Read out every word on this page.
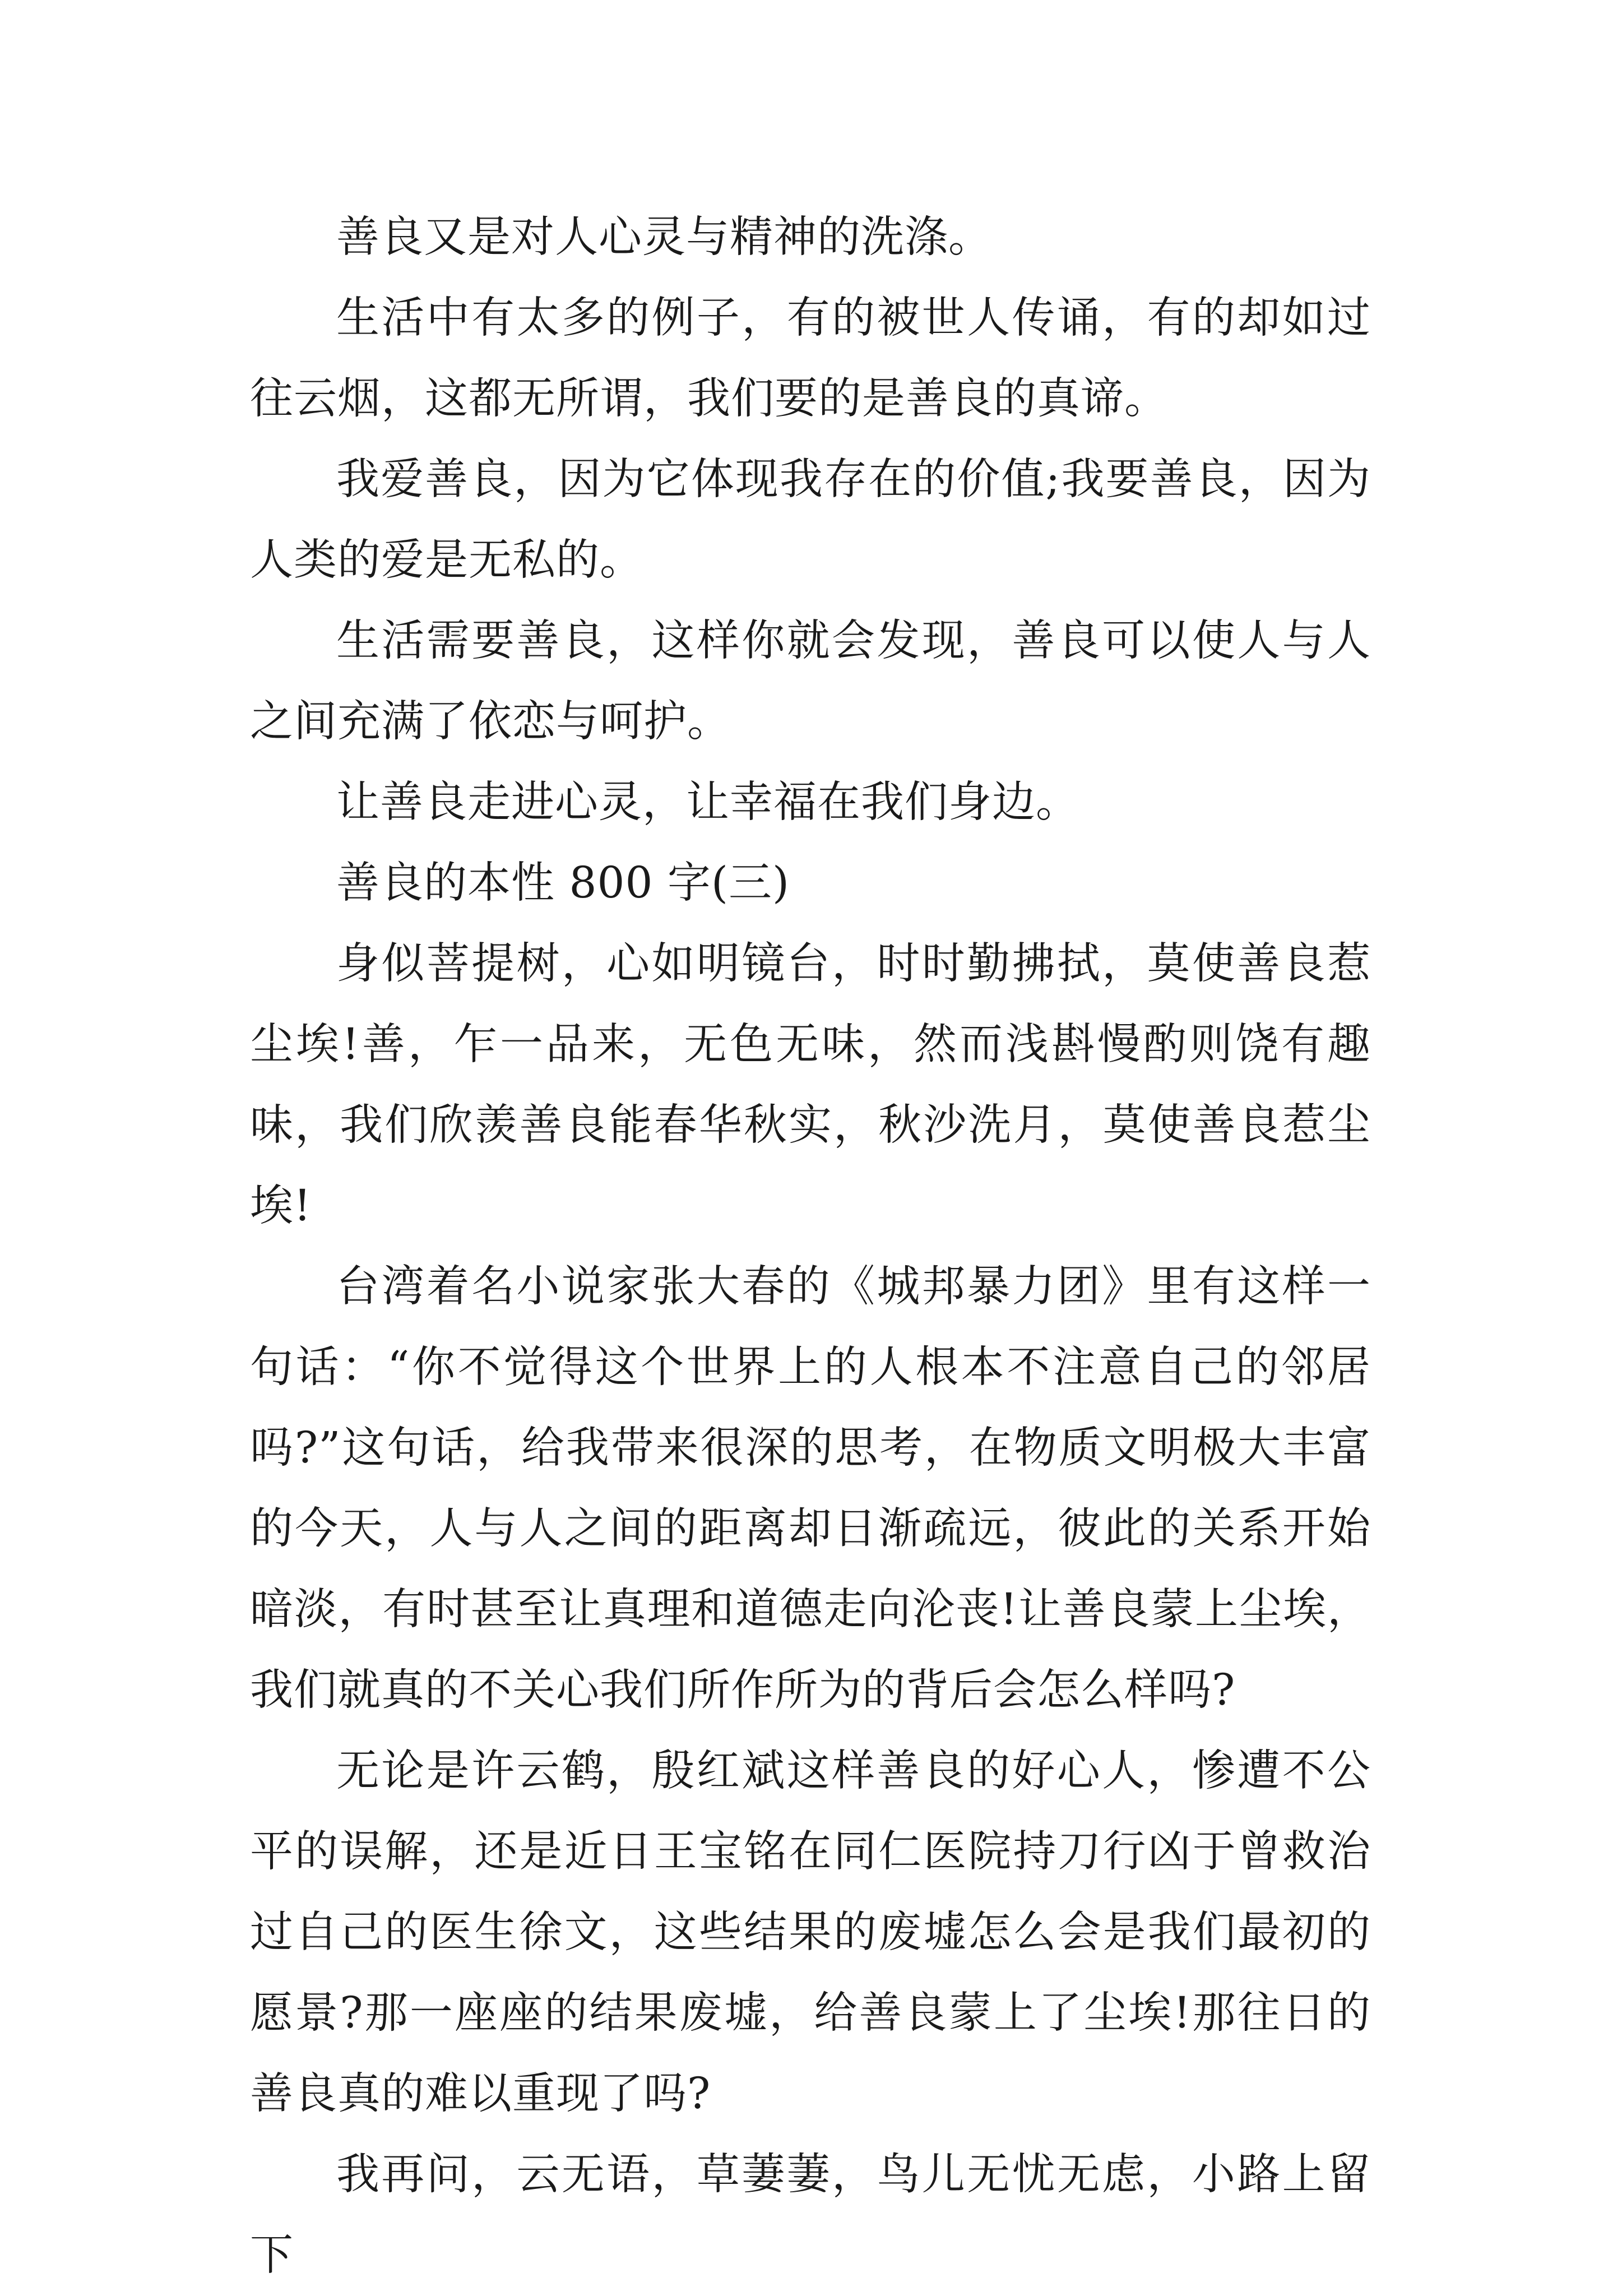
善良又是对人心灵与精神的洗涤。

生活中有太多的例子，有的被世人传诵，有的却如过往云烟，这都无所谓，我们要的是善良的真谛。

我爱善良，因为它体现我存在的价值;我要善良，因为人类的爱是无私的。

生活需要善良，这样你就会发现，善良可以使人与人之间充满了依恋与呵护。

让善良走进心灵，让幸福在我们身边。

善良的本性 800 字(三)

身似菩提树，心如明镜台，时时勤拂拭，莫使善良惹尘埃!善，乍一品来，无色无味，然而浅斟慢酌则饶有趣味，我们欣羡善良能春华秋实，秋沙洗月，莫使善良惹尘埃!

台湾着名小说家张大春的《城邦暴力团》里有这样一句话：“你不觉得这个世界上的人根本不注意自己的邻居吗?”这句话，给我带来很深的思考，在物质文明极大丰富的今天，人与人之间的距离却日渐疏远，彼此的关系开始暗淡，有时甚至让真理和道德走向沦丧!让善良蒙上尘埃，我们就真的不关心我们所作所为的背后会怎么样吗?

无论是许云鹤，殷红斌这样善良的好心人，惨遭不公平的误解，还是近日王宝铭在同仁医院持刀行凶于曾救治过自己的医生徐文，这些结果的废墟怎么会是我们最初的愿景?那一座座的结果废墟，给善良蒙上了尘埃!那往日的善良真的难以重现了吗?

我再问，云无语，草萋萋，鸟儿无忧无虑，小路上留下
